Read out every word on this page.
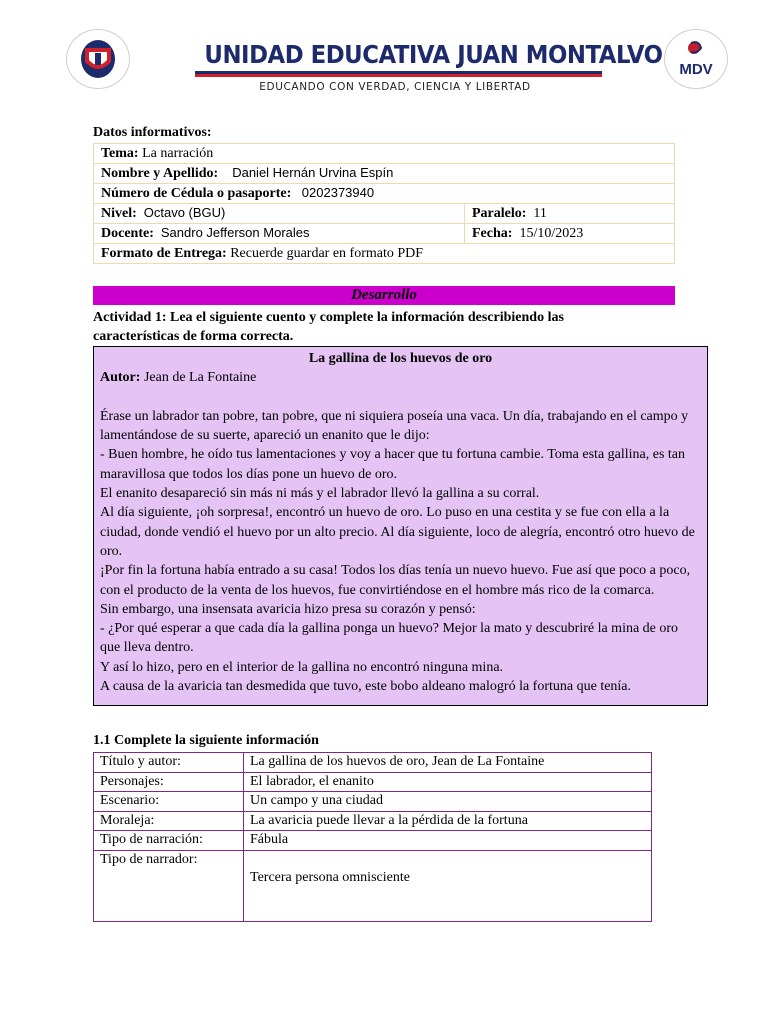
UNIDAD EDUCATIVA JUAN MONTALVO
EDUCANDO CON VERDAD, CIENCIA Y LIBERTAD
MDV
Datos informativos:
Tema: La narración	
Nombre y Apellido: Daniel Hernán Urvina Espín	
Número de Cédula o pasaporte: 0202373940	
Nivel: Octavo (BGU)	Paralelo: 11
Docente: Sandro Jefferson Morales	Fecha: 15/10/2023
Formato de Entrega: Recuerde guardar en formato PDF	
Desarrollo
Actividad 1: Lea el siguiente cuento y complete la información describiendo las
características de forma correcta.
La gallina de los huevos de oro

Autor: Jean de La Fontaine

Érase un labrador tan pobre, tan pobre, que ni siquiera poseía una vaca. Un día, trabajando en el campo y lamentándose de su suerte, apareció un enanito que le dijo:

- Buen hombre, he oído tus lamentaciones y voy a hacer que tu fortuna cambie. Toma esta gallina, es tan maravillosa que todos los días pone un huevo de oro.

El enanito desapareció sin más ni más y el labrador llevó la gallina a su corral.

Al día siguiente, ¡oh sorpresa!, encontró un huevo de oro. Lo puso en una cestita y se fue con ella a la ciudad, donde vendió el huevo por un alto precio. Al día siguiente, loco de alegría, encontró otro huevo de oro.

¡Por fin la fortuna había entrado a su casa! Todos los días tenía un nuevo huevo. Fue así que poco a poco, con el producto de la venta de los huevos, fue convirtiéndose en el hombre más rico de la comarca.

Sin embargo, una insensata avaricia hizo presa su corazón y pensó:

- ¿Por qué esperar a que cada día la gallina ponga un huevo? Mejor la mato y descubriré la mina de oro que lleva dentro.

Y así lo hizo, pero en el interior de la gallina no encontró ninguna mina.

A causa de la avaricia tan desmedida que tuvo, este bobo aldeano malogró la fortuna que tenía.

1.1 Complete la siguiente información
Título y autor:	La gallina de los huevos de oro, Jean de La Fontaine
Personajes:	El labrador, el enanito
Escenario:	Un campo y una ciudad
Moraleja:	La avaricia puede llevar a la pérdida de la fortuna
Tipo de narración:	Fábula
Tipo de narrador:	Tercera persona omnisciente
